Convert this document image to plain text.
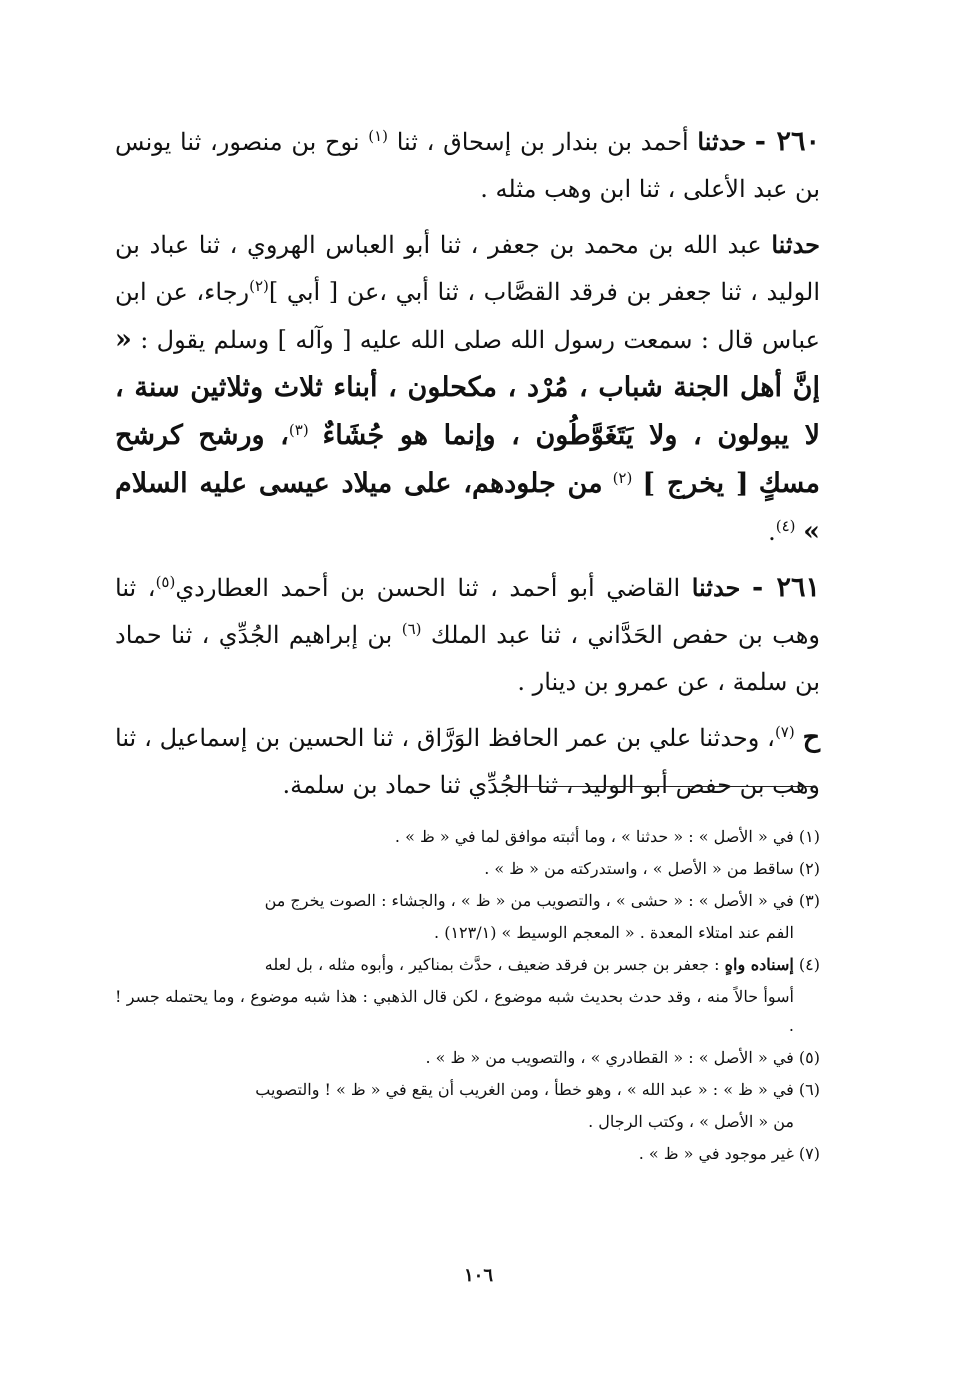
٢٦٠ - حدثنا أحمد بن بندار بن إسحاق ، ثنا $^{(١)}$ نوح بن منصور، ثنا يونس بن عبد الأعلى ، ثنا ابن وهب مثله .

حدثنا عبد الله بن محمد بن جعفر ، ثنا أبو العباس الهروي ، ثنا عباد بن الوليد ، ثنا جعفر بن فرقد القصَّاب ، ثنا أبي ،عن [ أبي ]$^{(٢)}$رجاء، عن ابن عباس قال : سمعت رسول الله صلى الله عليه [ وآله ] وسلم يقول : « إنَّ أهل الجنة شباب ، مُرْد ، مكحلون ، أبناء ثلاث وثلاثين سنة ، لا يبولون ، ولا يَتَغَوَّطُون ، وإنما هو جُشَاءٌ $^{(٣)}$، ورشح كرشح مسكٍ [ يخرج ] $^{(٢)}$ من جلودهم، على ميلاد عيسى عليه السلام » $^{(٤)}$.

٢٦١ - حدثنا القاضي أبو أحمد ، ثنا الحسن بن أحمد العطاردي$^{(٥)}$، ثنا وهب بن حفص الحَدَّاني ، ثنا عبد الملك $^{(٦)}$ بن إبراهيم الجُدِّي ، ثنا حماد بن سلمة ، عن عمرو بن دينار .

ح $^{(٧)}$، وحدثنا علي بن عمر الحافظ الوَرَّاق ، ثنا الحسين بن إسماعيل ، ثنا وهب بن حفص أبو الوليد ، ثنا الجُدِّي ثنا حماد بن سلمة.

(١) في « الأصل » : « حدثنا » ، وما أثبته موافق لما في « ظ » .

(٢) ساقط من « الأصل » ، واستدركته من « ظ » .

(٣) في « الأصل » : « حشى » ، والتصويب من « ظ » ، والجشاء : الصوت يخرج من

الفم عند امتلاء المعدة . « المعجم الوسيط » (١٢٣/١) .

(٤) إسناده واهٍ : جعفر بن جسر بن فرقد ضعيف ، حدَّث بمناكير ، وأبوه مثله ، بل لعله

أسوأ حالاً منه ، وقد حدث بحديث شبه موضوع ، لكن قال الذهبي : هذا شبه موضوع ، وما يحتمله جسر ! .

(٥) في « الأصل » : « القطادري » ، والتصويب من « ظ » .

(٦) في « ظ » : « عبد الله » ، وهو خطأ ، ومن الغريب أن يقع في « ظ » ! والتصويب

من « الأصل » ، وكتب الرجال .

(٧) غير موجود في « ظ » .

١٠٦
